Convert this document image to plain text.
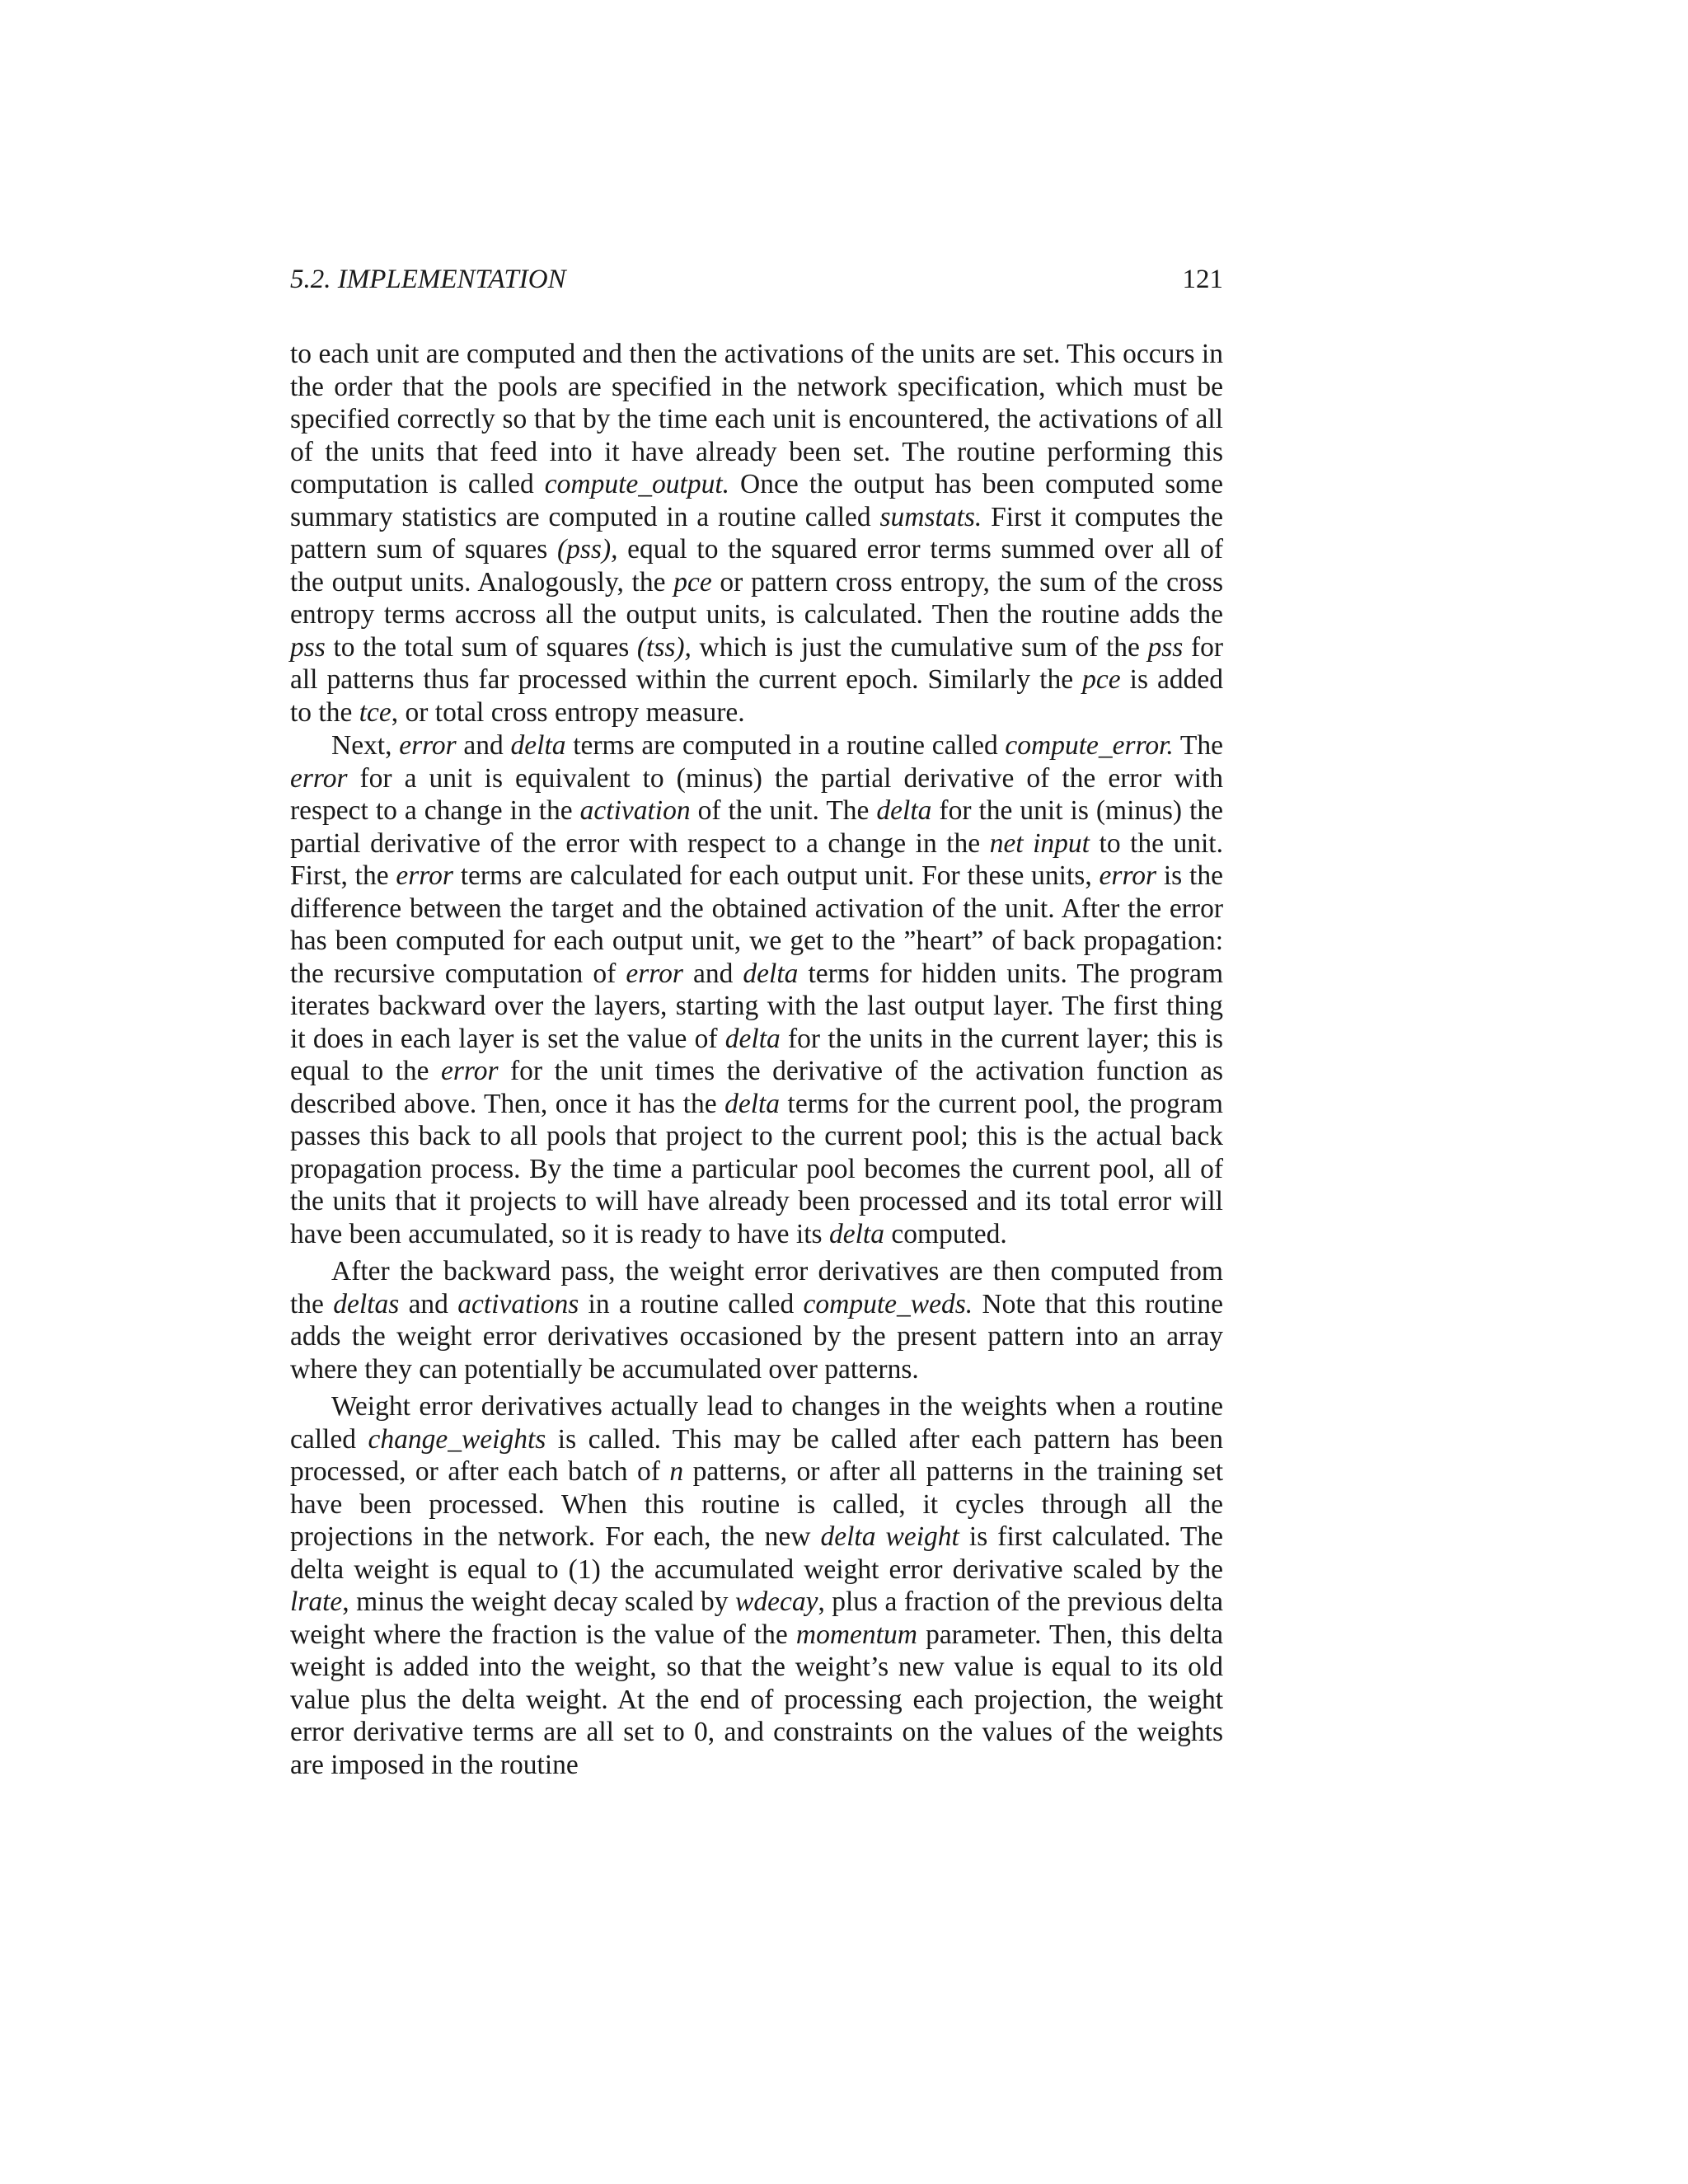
5.2. IMPLEMENTATION	121

to each unit are computed and then the activations of the units are set. This occurs in the order that the pools are specified in the network specification, which must be specified correctly so that by the time each unit is encountered, the activations of all of the units that feed into it have already been set. The routine performing this computation is called compute_output. Once the output has been computed some summary statistics are computed in a routine called sumstats. First it computes the pattern sum of squares (pss), equal to the squared error terms summed over all of the output units. Analogously, the pce or pattern cross entropy, the sum of the cross entropy terms accross all the output units, is calculated. Then the routine adds the pss to the total sum of squares (tss), which is just the cumulative sum of the pss for all patterns thus far processed within the current epoch. Similarly the pce is added to the tce, or total cross entropy measure.

Next, error and delta terms are computed in a routine called compute_error. The error for a unit is equivalent to (minus) the partial derivative of the error with respect to a change in the activation of the unit. The delta for the unit is (minus) the partial derivative of the error with respect to a change in the net input to the unit. First, the error terms are calculated for each output unit. For these units, error is the difference between the target and the obtained activation of the unit. After the error has been computed for each output unit, we get to the ”heart” of back propagation: the recursive computation of error and delta terms for hidden units. The program iterates backward over the layers, starting with the last output layer. The first thing it does in each layer is set the value of delta for the units in the current layer; this is equal to the error for the unit times the derivative of the activation function as described above. Then, once it has the delta terms for the current pool, the program passes this back to all pools that project to the current pool; this is the actual back propagation process. By the time a particular pool becomes the current pool, all of the units that it projects to will have already been processed and its total error will have been accumulated, so it is ready to have its delta computed.

After the backward pass, the weight error derivatives are then computed from the deltas and activations in a routine called compute_weds. Note that this routine adds the weight error derivatives occasioned by the present pattern into an array where they can potentially be accumulated over patterns.

Weight error derivatives actually lead to changes in the weights when a routine called change_weights is called. This may be called after each pattern has been processed, or after each batch of n patterns, or after all patterns in the training set have been processed. When this routine is called, it cycles through all the projections in the network. For each, the new delta weight is first calculated. The delta weight is equal to (1) the accumulated weight error derivative scaled by the lrate, minus the weight decay scaled by wdecay, plus a fraction of the previous delta weight where the fraction is the value of the momentum parameter. Then, this delta weight is added into the weight, so that the weight’s new value is equal to its old value plus the delta weight. At the end of processing each projection, the weight error derivative terms are all set to 0, and constraints on the values of the weights are imposed in the routine
